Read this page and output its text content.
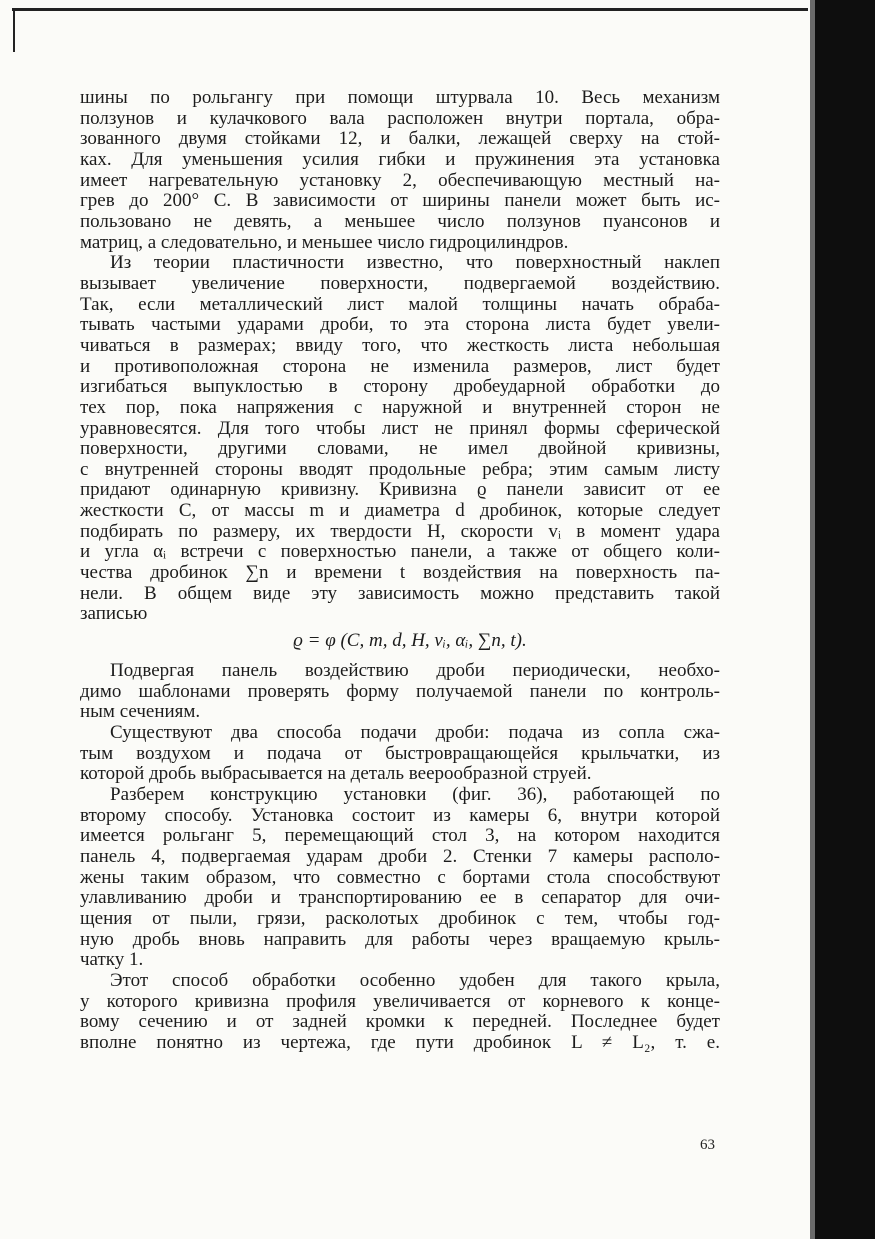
шины по рольгангу при помощи штурвала 10. Весь механизм
ползунов и кулачкового вала расположен внутри портала, обра-
зованного двумя стойками 12, и балки, лежащей сверху на стой-
ках. Для уменьшения усилия гибки и пружинения эта установка
имеет нагревательную установку 2, обеспечивающую местный на-
грев до 200° С. В зависимости от ширины панели может быть ис-
пользовано не девять, а меньшее число ползунов пуансонов и
матриц, а следовательно, и меньшее число гидроцилиндров.
Из теории пластичности известно, что поверхностный наклеп
вызывает увеличение поверхности, подвергаемой воздействию.
Так, если металлический лист малой толщины начать обраба-
тывать частыми ударами дроби, то эта сторона листа будет увели-
чиваться в размерах; ввиду того, что жесткость листа небольшая
и противоположная сторона не изменила размеров, лист будет
изгибаться выпуклостью в сторону дробеударной обработки до
тех пор, пока напряжения с наружной и внутренней сторон не
уравновесятся. Для того чтобы лист не принял формы сферической
поверхности, другими словами, не имел двойной кривизны,
с внутренней стороны вводят продольные ребра; этим самым листу
придают одинарную кривизну. Кривизна ϱ панели зависит от ее
жесткости C, от массы m и диаметра d дробинок, которые следует
подбирать по размеру, их твердости H, скорости vᵢ в момент удара
и угла αᵢ встречи с поверхностью панели, а также от общего коли-
чества дробинок ∑n и времени t воздействия на поверхность па-
нели. В общем виде эту зависимость можно представить такой
записью
ϱ = φ (C, m, d, H, vᵢ, αᵢ, ∑n, t).
Подвергая панель воздействию дроби периодически, необхо-
димо шаблонами проверять форму получаемой панели по контроль-
ным сечениям.
Существуют два способа подачи дроби: подача из сопла сжа-
тым воздухом и подача от быстровращающейся крыльчатки, из
которой дробь выбрасывается на деталь веерообразной струей.
Разберем конструкцию установки (фиг. 36), работающей по
второму способу. Установка состоит из камеры 6, внутри которой
имеется рольганг 5, перемещающий стол 3, на котором находится
панель 4, подвергаемая ударам дроби 2. Стенки 7 камеры располо-
жены таким образом, что совместно с бортами стола способствуют
улавливанию дроби и транспортированию ее в сепаратор для очи-
щения от пыли, грязи, расколотых дробинок с тем, чтобы год-
ную дробь вновь направить для работы через вращаемую крыль-
чатку 1.
Этот способ обработки особенно удобен для такого крыла,
у которого кривизна профиля увеличивается от корневого к конце-
вому сечению и от задней кромки к передней. Последнее будет
вполне понятно из чертежа, где пути дробинок L ≠ L₂, т. е.
63
